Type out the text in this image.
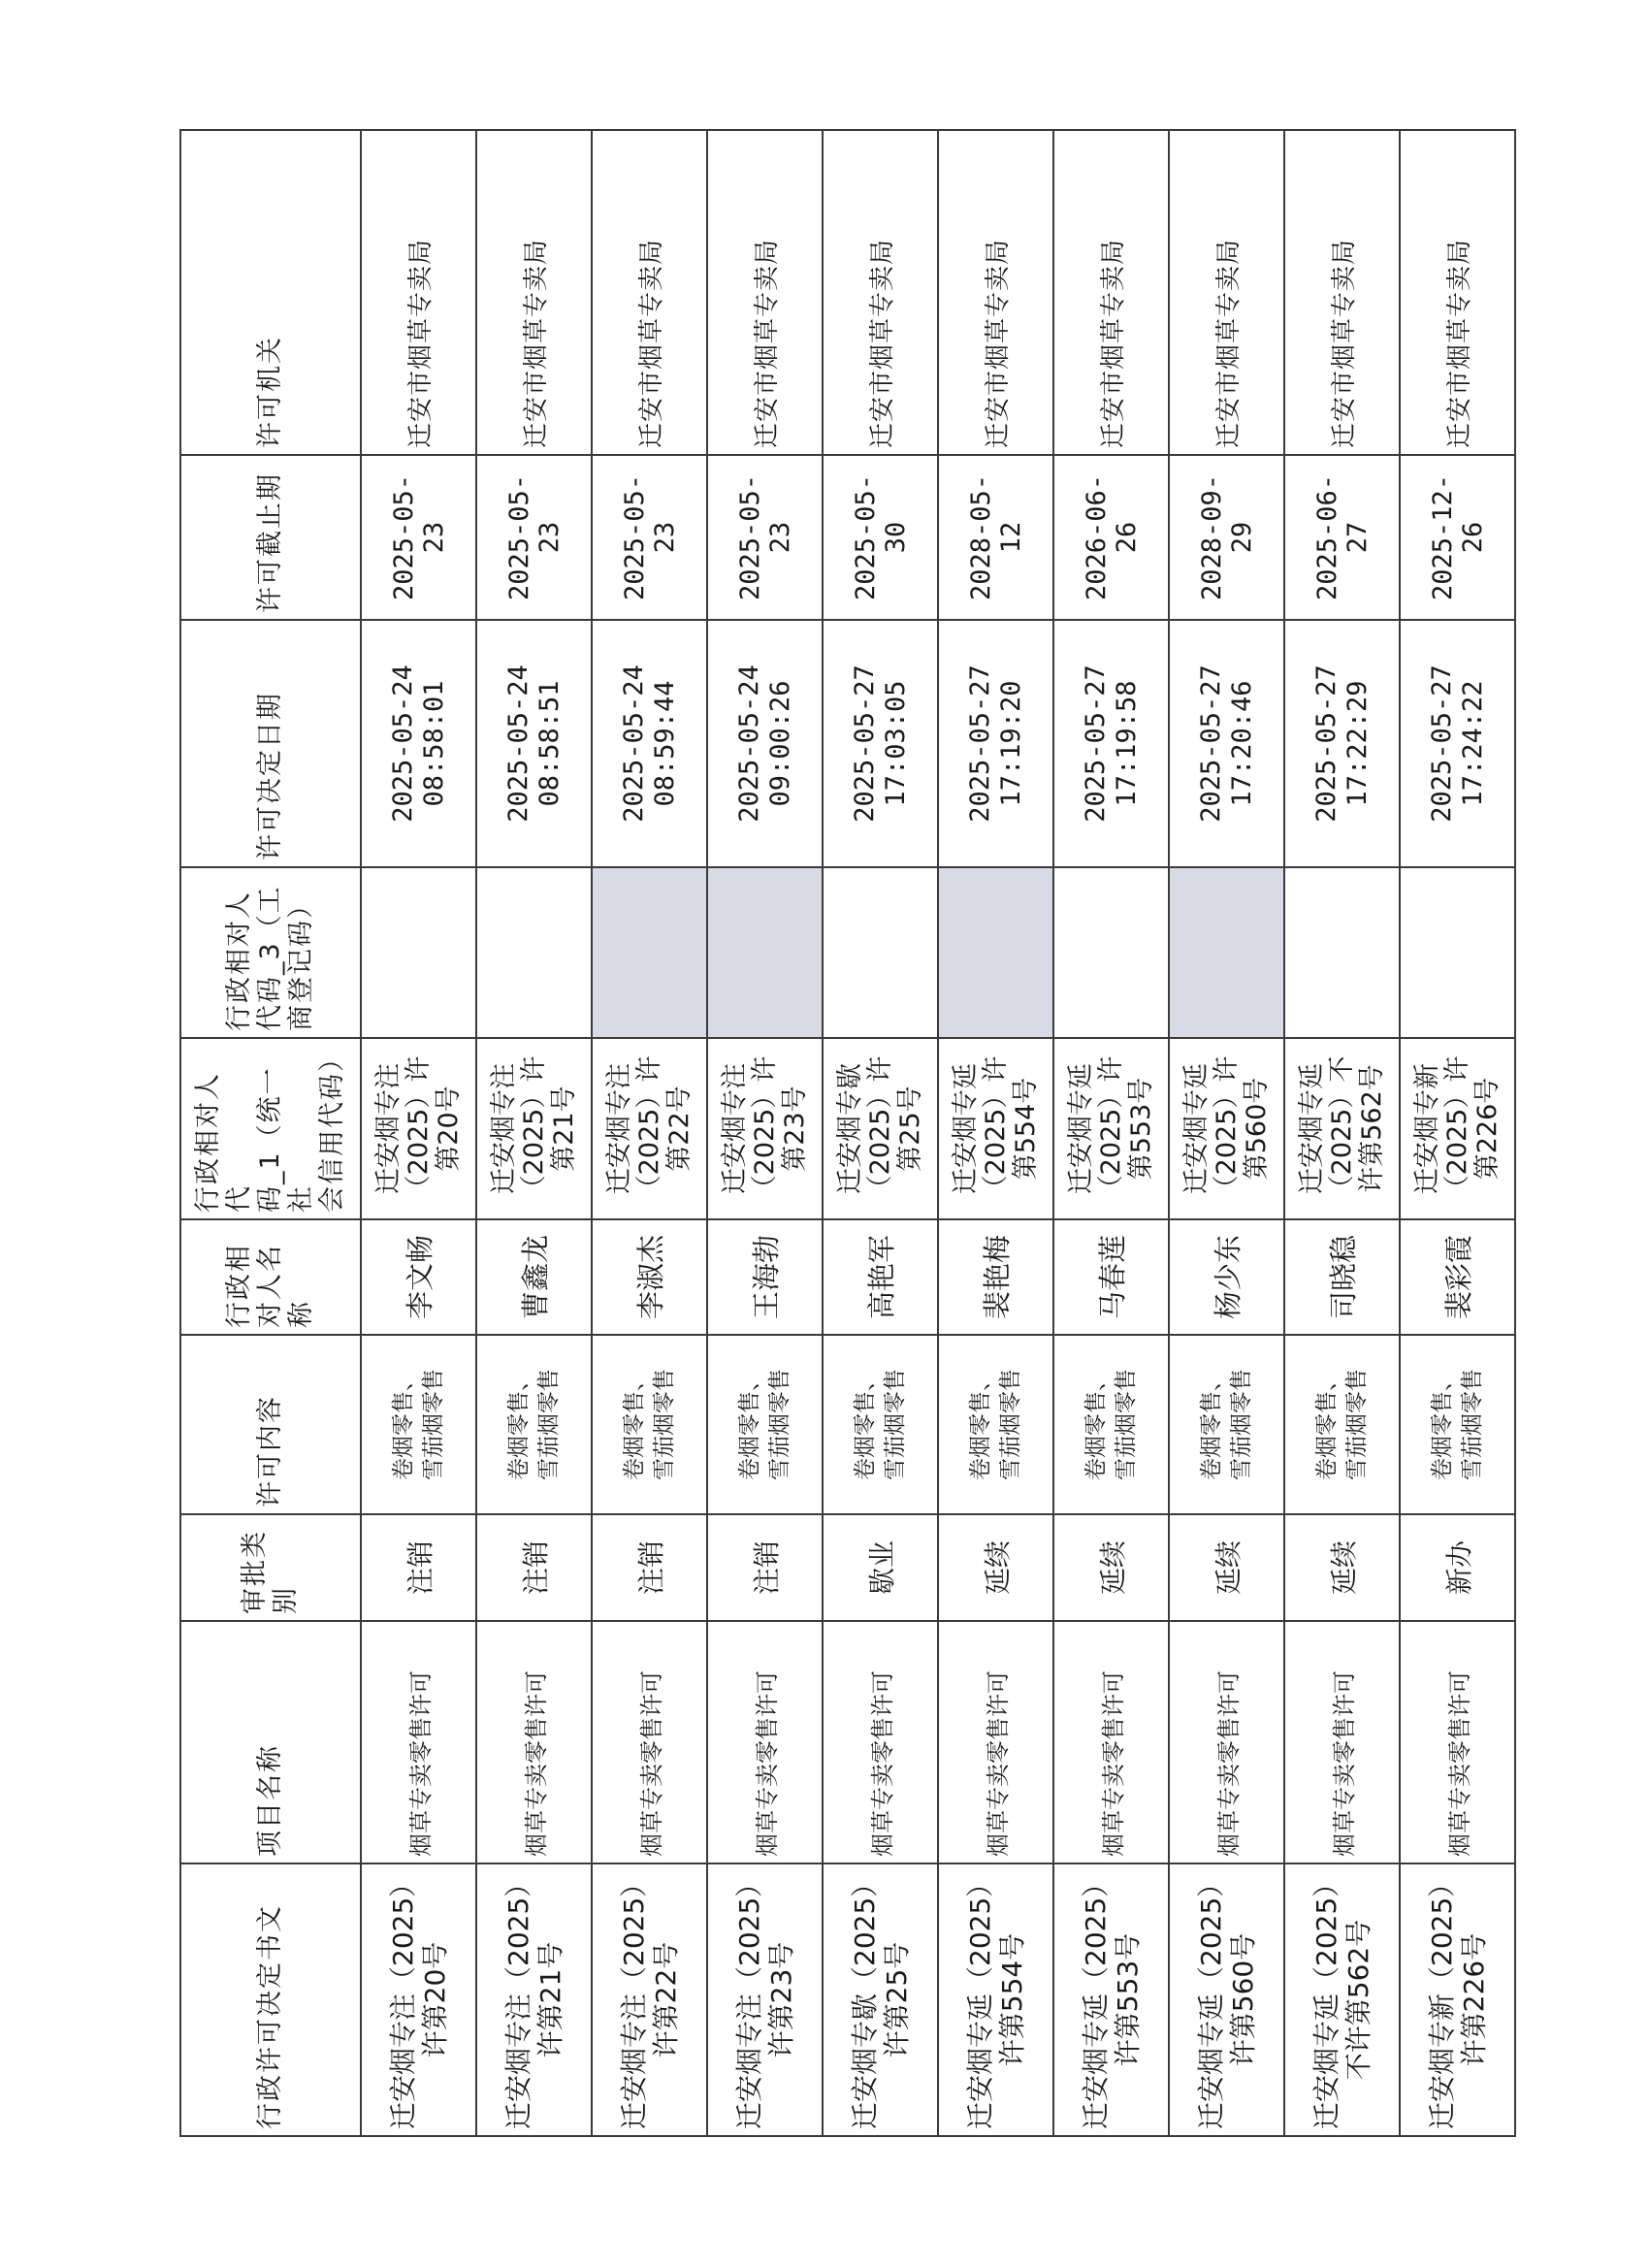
行政许可决定书文	项目名称	审批类别	许可内容	行政相 对人名 称	行政相对人代 码_1（统一社 会信用代码）	行政相对人 代码_3（工 商登记码）	许可决定日期	许可截止期	许可机关

迁安烟专注（2025） 许第20号	烟草专卖零售许可	注销	卷烟零售、 雪茄烟零售	李文畅	迁安烟专注 （2025）许 第20号		2025-05-24 08:58:01	2025-05-23	迁安市烟草专卖局

迁安烟专注（2025） 许第21号	烟草专卖零售许可	注销	卷烟零售、 雪茄烟零售	曹鑫龙	迁安烟专注 （2025）许 第21号		2025-05-24 08:58:51	2025-05-23	迁安市烟草专卖局

迁安烟专注（2025） 许第22号	烟草专卖零售许可	注销	卷烟零售、 雪茄烟零售	李淑杰	迁安烟专注 （2025）许 第22号		2025-05-24 08:59:44	2025-05-23	迁安市烟草专卖局

迁安烟专注（2025） 许第23号	烟草专卖零售许可	注销	卷烟零售、 雪茄烟零售	王海勃	迁安烟专注 （2025）许 第23号		2025-05-24 09:00:26	2025-05-23	迁安市烟草专卖局

迁安烟专歇（2025） 许第25号	烟草专卖零售许可	歇业	卷烟零售、 雪茄烟零售	高艳军	迁安烟专歇 （2025）许 第25号		2025-05-27 17:03:05	2025-05-30	迁安市烟草专卖局

迁安烟专延（2025） 许第554号	烟草专卖零售许可	延续	卷烟零售、 雪茄烟零售	裴艳梅	迁安烟专延 （2025）许 第554号		2025-05-27 17:19:20	2028-05-12	迁安市烟草专卖局

迁安烟专延（2025） 许第553号	烟草专卖零售许可	延续	卷烟零售、 雪茄烟零售	马春莲	迁安烟专延 （2025）许 第553号		2025-05-27 17:19:58	2026-06-26	迁安市烟草专卖局

迁安烟专延（2025） 许第560号	烟草专卖零售许可	延续	卷烟零售、 雪茄烟零售	杨少东	迁安烟专延 （2025）许 第560号		2025-05-27 17:20:46	2028-09-29	迁安市烟草专卖局

迁安烟专延（2025） 不许第562号	烟草专卖零售许可	延续	卷烟零售、 雪茄烟零售	司晓稳	迁安烟专延 （2025）不 许第562号		2025-05-27 17:22:29	2025-06-27	迁安市烟草专卖局

迁安烟专新（2025） 许第226号	烟草专卖零售许可	新办	卷烟零售、 雪茄烟零售	裴彩霞	迁安烟专新 （2025）许 第226号		2025-05-27 17:24:22	2025-12-26	迁安市烟草专卖局
